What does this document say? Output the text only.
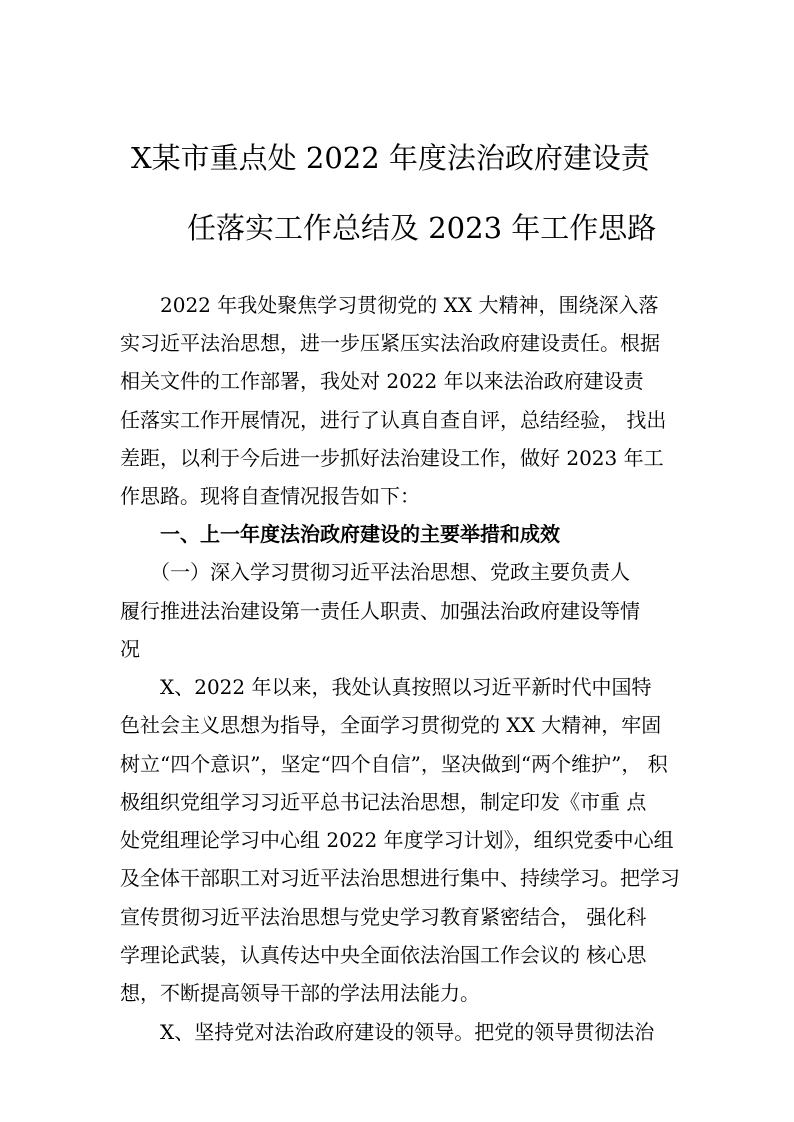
X某市重点处 2022 年度法治政府建设责
任落实工作总结及 2023 年工作思路
　　2022 年我处聚焦学习贯彻党的 XX 大精神，围绕深入落
实习近平法治思想，进一步压紧压实法治政府建设责任。根据
相关文件的工作部署，我处对 2022 年以来法治政府建设责
任落实工作开展情况，进行了认真自查自评，总结经验， 找出
差距，以利于今后进一步抓好法治建设工作，做好 2023 年工
作思路。现将自查情况报告如下：
　　一、上一年度法治政府建设的主要举措和成效
　　（一）深入学习贯彻习近平法治思想、党政主要负责人
履行推进法治建设第一责任人职责、加强法治政府建设等情
况
　　X、2022 年以来，我处认真按照以习近平新时代中国特
色社会主义思想为指导，全面学习贯彻党的 XX 大精神，牢固
树立“四个意识”，坚定“四个自信”，坚决做到“两个维护”， 积
极组织党组学习习近平总书记法治思想，制定印发《市重 点
处党组理论学习中心组 2022 年度学习计划》，组织党委中心组
及全体干部职工对习近平法治思想进行集中、持续学习。把学习
宣传贯彻习近平法治思想与党史学习教育紧密结合， 强化科
学理论武装，认真传达中央全面依法治国工作会议的 核心思
想，不断提高领导干部的学法用法能力。
　　X、坚持党对法治政府建设的领导。把党的领导贯彻法治
